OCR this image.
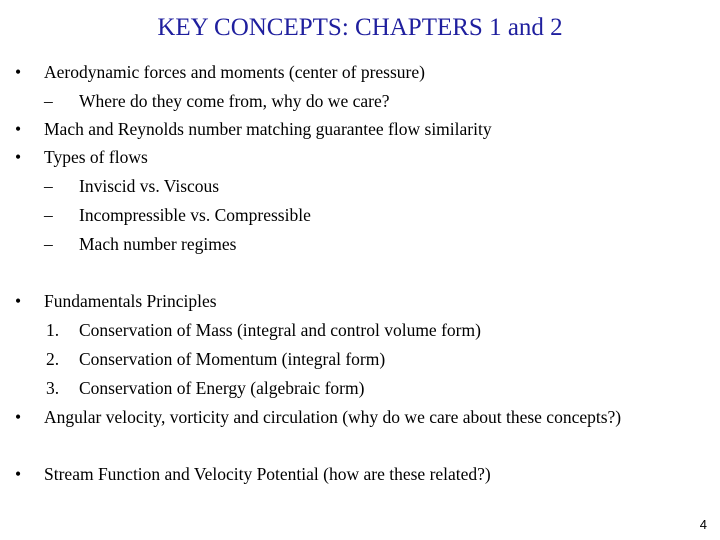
KEY CONCEPTS: CHAPTERS 1 and 2
• Aerodynamic forces and moments (center of pressure)
– Where do they come from, why do we care?
• Mach and Reynolds number matching guarantee flow similarity
• Types of flows
– Inviscid vs. Viscous
– Incompressible vs. Compressible
– Mach number regimes
• Fundamentals Principles
1. Conservation of Mass (integral and control volume form)
2. Conservation of Momentum (integral form)
3. Conservation of Energy (algebraic form)
• Angular velocity, vorticity and circulation (why do we care about these concepts?)
• Stream Function and Velocity Potential (how are these related?)
4
